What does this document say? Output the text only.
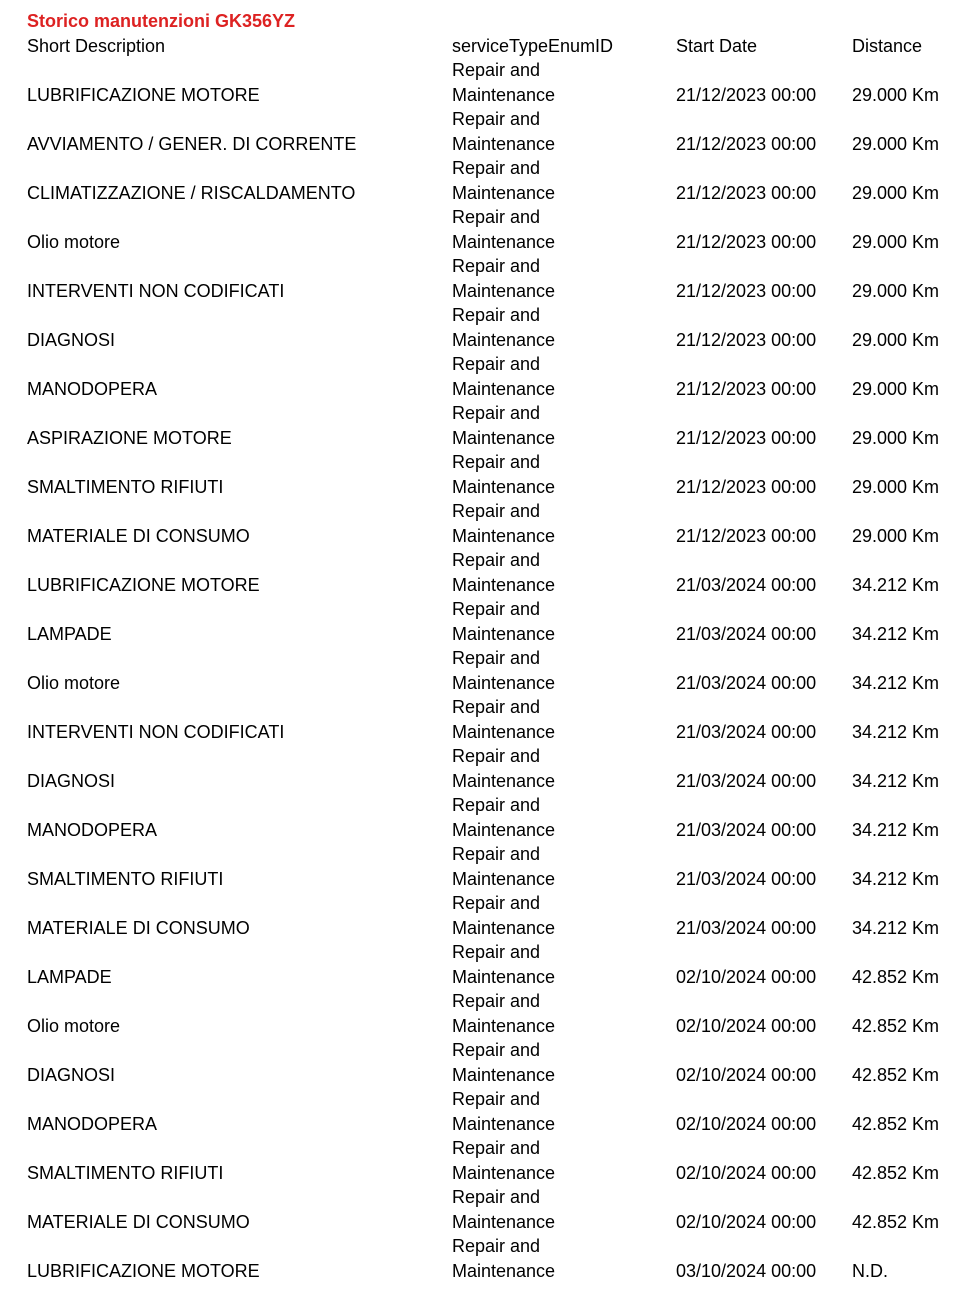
Storico manutenzioni GK356YZ
Short Description	serviceTypeEnumID	Start Date	Distance
LUBRIFICAZIONE MOTORE	Repair and Maintenance	21/12/2023 00:00	29.000 Km
AVVIAMENTO / GENER. DI CORRENTE	Repair and Maintenance	21/12/2023 00:00	29.000 Km
CLIMATIZZAZIONE / RISCALDAMENTO	Repair and Maintenance	21/12/2023 00:00	29.000 Km
Olio motore	Repair and Maintenance	21/12/2023 00:00	29.000 Km
INTERVENTI NON CODIFICATI	Repair and Maintenance	21/12/2023 00:00	29.000 Km
DIAGNOSI	Repair and Maintenance	21/12/2023 00:00	29.000 Km
MANODOPERA	Repair and Maintenance	21/12/2023 00:00	29.000 Km
ASPIRAZIONE MOTORE	Repair and Maintenance	21/12/2023 00:00	29.000 Km
SMALTIMENTO RIFIUTI	Repair and Maintenance	21/12/2023 00:00	29.000 Km
MATERIALE DI CONSUMO	Repair and Maintenance	21/12/2023 00:00	29.000 Km
LUBRIFICAZIONE MOTORE	Repair and Maintenance	21/03/2024 00:00	34.212 Km
LAMPADE	Repair and Maintenance	21/03/2024 00:00	34.212 Km
Olio motore	Repair and Maintenance	21/03/2024 00:00	34.212 Km
INTERVENTI NON CODIFICATI	Repair and Maintenance	21/03/2024 00:00	34.212 Km
DIAGNOSI	Repair and Maintenance	21/03/2024 00:00	34.212 Km
MANODOPERA	Repair and Maintenance	21/03/2024 00:00	34.212 Km
SMALTIMENTO RIFIUTI	Repair and Maintenance	21/03/2024 00:00	34.212 Km
MATERIALE DI CONSUMO	Repair and Maintenance	21/03/2024 00:00	34.212 Km
LAMPADE	Repair and Maintenance	02/10/2024 00:00	42.852 Km
Olio motore	Repair and Maintenance	02/10/2024 00:00	42.852 Km
DIAGNOSI	Repair and Maintenance	02/10/2024 00:00	42.852 Km
MANODOPERA	Repair and Maintenance	02/10/2024 00:00	42.852 Km
SMALTIMENTO RIFIUTI	Repair and Maintenance	02/10/2024 00:00	42.852 Km
MATERIALE DI CONSUMO	Repair and Maintenance	02/10/2024 00:00	42.852 Km
LUBRIFICAZIONE MOTORE	Repair and Maintenance	03/10/2024 00:00	N.D.
